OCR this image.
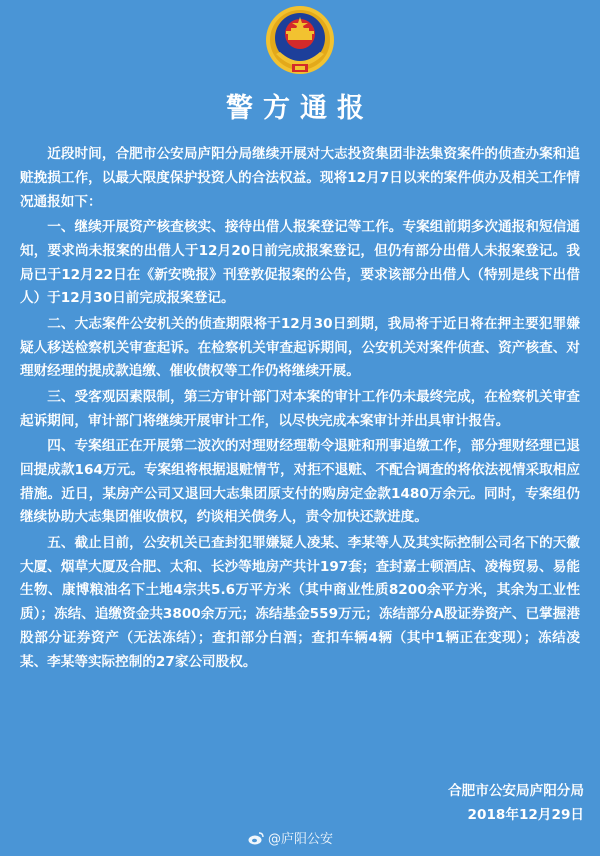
警方通报

近段时间，合肥市公安局庐阳分局继续开展对大志投资集团非法集资案件的侦查办案和追赃挽损工作，以最大限度保护投资人的合法权益。现将12月7日以来的案件侦办及相关工作情况通报如下：

一、继续开展资产核查核实、接待出借人报案登记等工作。专案组前期多次通报和短信通知，要求尚未报案的出借人于12月20日前完成报案登记，但仍有部分出借人未报案登记。我局已于12月22日在《新安晚报》刊登敦促报案的公告，要求该部分出借人（特别是线下出借人）于12月30日前完成报案登记。

二、大志案件公安机关的侦查期限将于12月30日到期，我局将于近日将在押主要犯罪嫌疑人移送检察机关审查起诉。在检察机关审查起诉期间，公安机关对案件侦查、资产核查、对理财经理的提成款追缴、催收债权等工作仍将继续开展。

三、受客观因素限制，第三方审计部门对本案的审计工作仍未最终完成，在检察机关审查起诉期间，审计部门将继续开展审计工作，以尽快完成本案审计并出具审计报告。

四、专案组正在开展第二波次的对理财经理勒令退赃和刑事追缴工作，部分理财经理已退回提成款164万元。专案组将根据退赃情节，对拒不退赃、不配合调查的将依法视情采取相应措施。近日，某房产公司又退回大志集团原支付的购房定金款1480万余元。同时，专案组仍继续协助大志集团催收债权，约谈相关债务人，责令加快还款进度。

五、截止目前，公安机关已查封犯罪嫌疑人凌某、李某等人及其实际控制公司名下的天徽大厦、烟草大厦及合肥、太和、长沙等地房产共计197套；查封嘉士顿酒店、凌梅贸易、易能生物、康博粮油名下土地4宗共5.6万平方米（其中商业性质8200余平方米，其余为工业性质）；冻结、追缴资金共3800余万元；冻结基金559万元；冻结部分A股证券资产、已掌握港股部分证券资产（无法冻结）；查扣部分白酒；查扣车辆4辆（其中1辆正在变现）；冻结凌某、李某等实际控制的27家公司股权。

合肥市公安局庐阳分局
2018年12月29日
@庐阳公安
